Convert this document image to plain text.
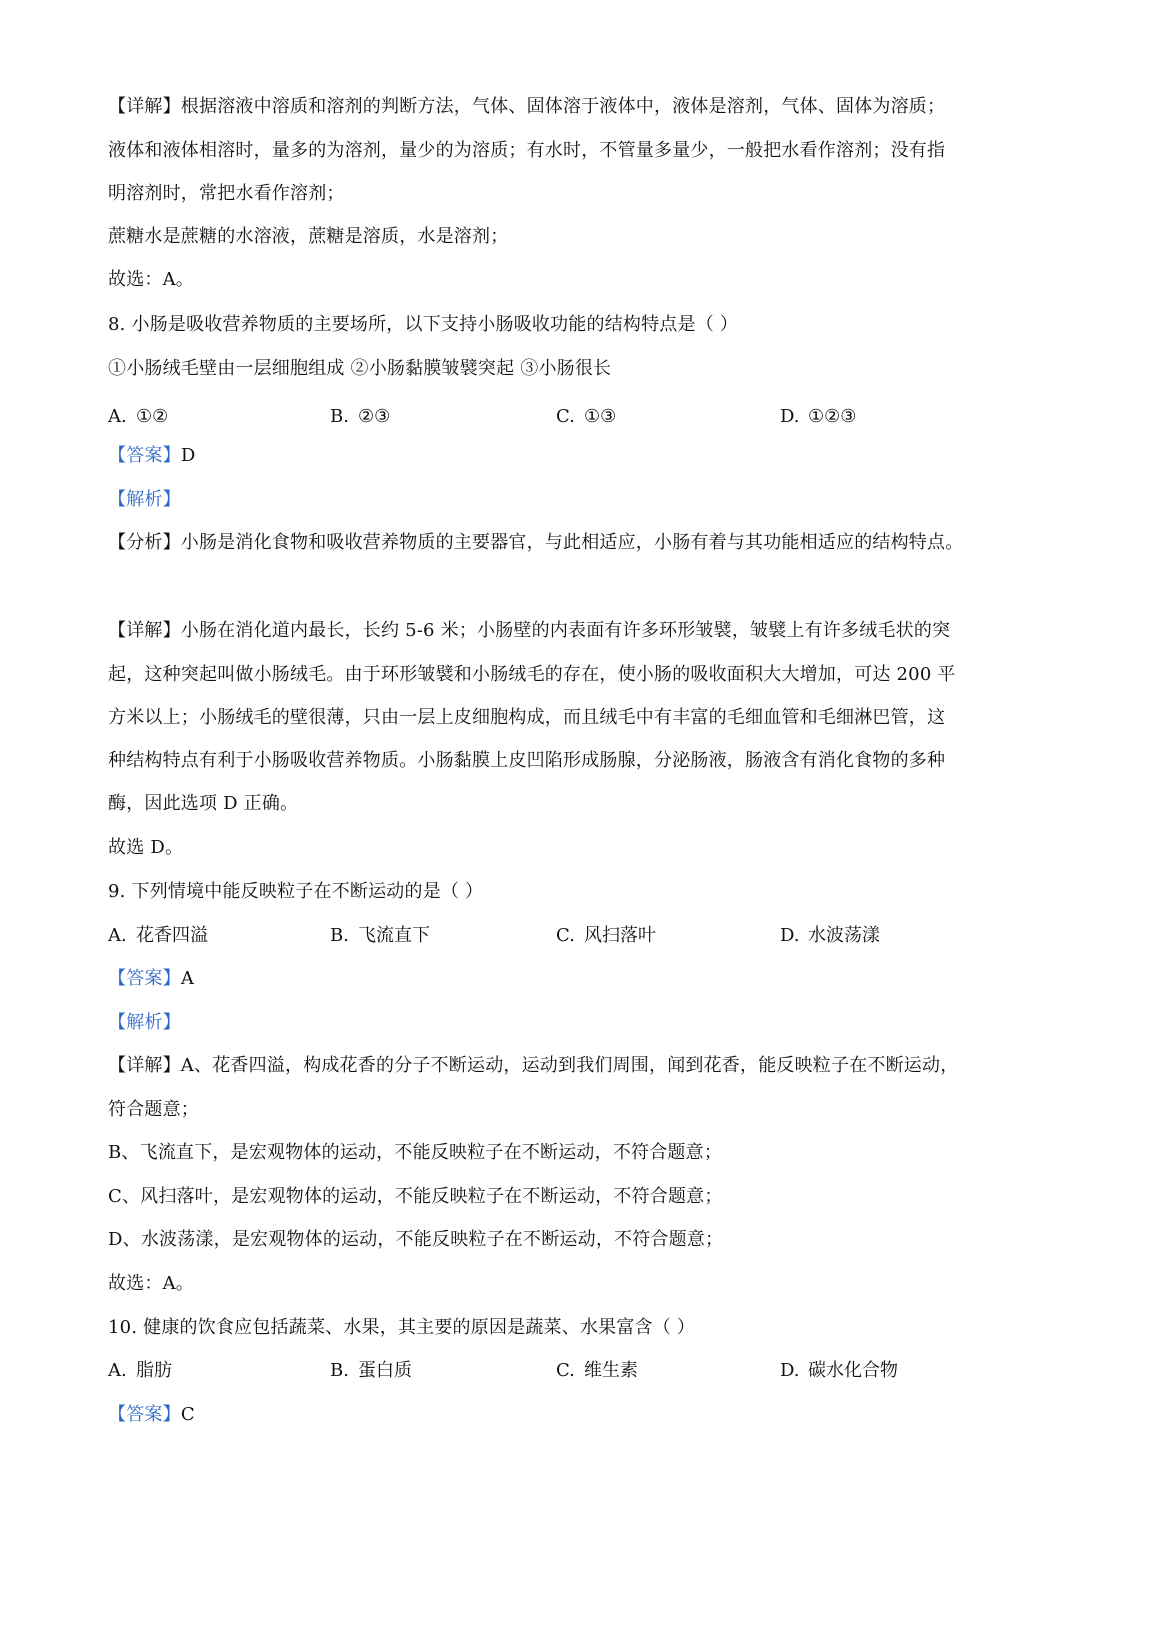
【详解】根据溶液中溶质和溶剂的判断方法，气体、固体溶于液体中，液体是溶剂，气体、固体为溶质；
液体和液体相溶时，量多的为溶剂，量少的为溶质；有水时，不管量多量少，一般把水看作溶剂；没有指
明溶剂时，常把水看作溶剂；
蔗糖水是蔗糖的水溶液，蔗糖是溶质，水是溶剂；
故选：A。
8. 小肠是吸收营养物质的主要场所，以下支持小肠吸收功能的结构特点是（ ）
①小肠绒毛壁由一层细胞组成 ②小肠黏膜皱襞突起 ③小肠很长
A. ①②	B. ②③	C. ①③	D. ①②③
【答案】D
【解析】
【分析】小肠是消化食物和吸收营养物质的主要器官，与此相适应，小肠有着与其功能相适应的结构特点。
【详解】小肠在消化道内最长，长约 5-6 米；小肠壁的内表面有许多环形皱襞，皱襞上有许多绒毛状的突
起，这种突起叫做小肠绒毛。由于环形皱襞和小肠绒毛的存在，使小肠的吸收面积大大增加，可达 200 平
方米以上；小肠绒毛的壁很薄，只由一层上皮细胞构成，而且绒毛中有丰富的毛细血管和毛细淋巴管，这
种结构特点有利于小肠吸收营养物质。小肠黏膜上皮凹陷形成肠腺，分泌肠液，肠液含有消化食物的多种
酶，因此选项 D 正确。
故选 D。
9. 下列情境中能反映粒子在不断运动的是（ ）
A. 花香四溢	B. 飞流直下	C. 风扫落叶	D. 水波荡漾
【答案】A
【解析】
【详解】A、花香四溢，构成花香的分子不断运动，运动到我们周围，闻到花香，能反映粒子在不断运动，
符合题意；
B、飞流直下，是宏观物体的运动，不能反映粒子在不断运动，不符合题意；
C、风扫落叶，是宏观物体的运动，不能反映粒子在不断运动，不符合题意；
D、水波荡漾，是宏观物体的运动，不能反映粒子在不断运动，不符合题意；
故选：A。
10. 健康的饮食应包括蔬菜、水果，其主要的原因是蔬菜、水果富含（ ）
A. 脂肪	B. 蛋白质	C. 维生素	D. 碳水化合物
【答案】C
